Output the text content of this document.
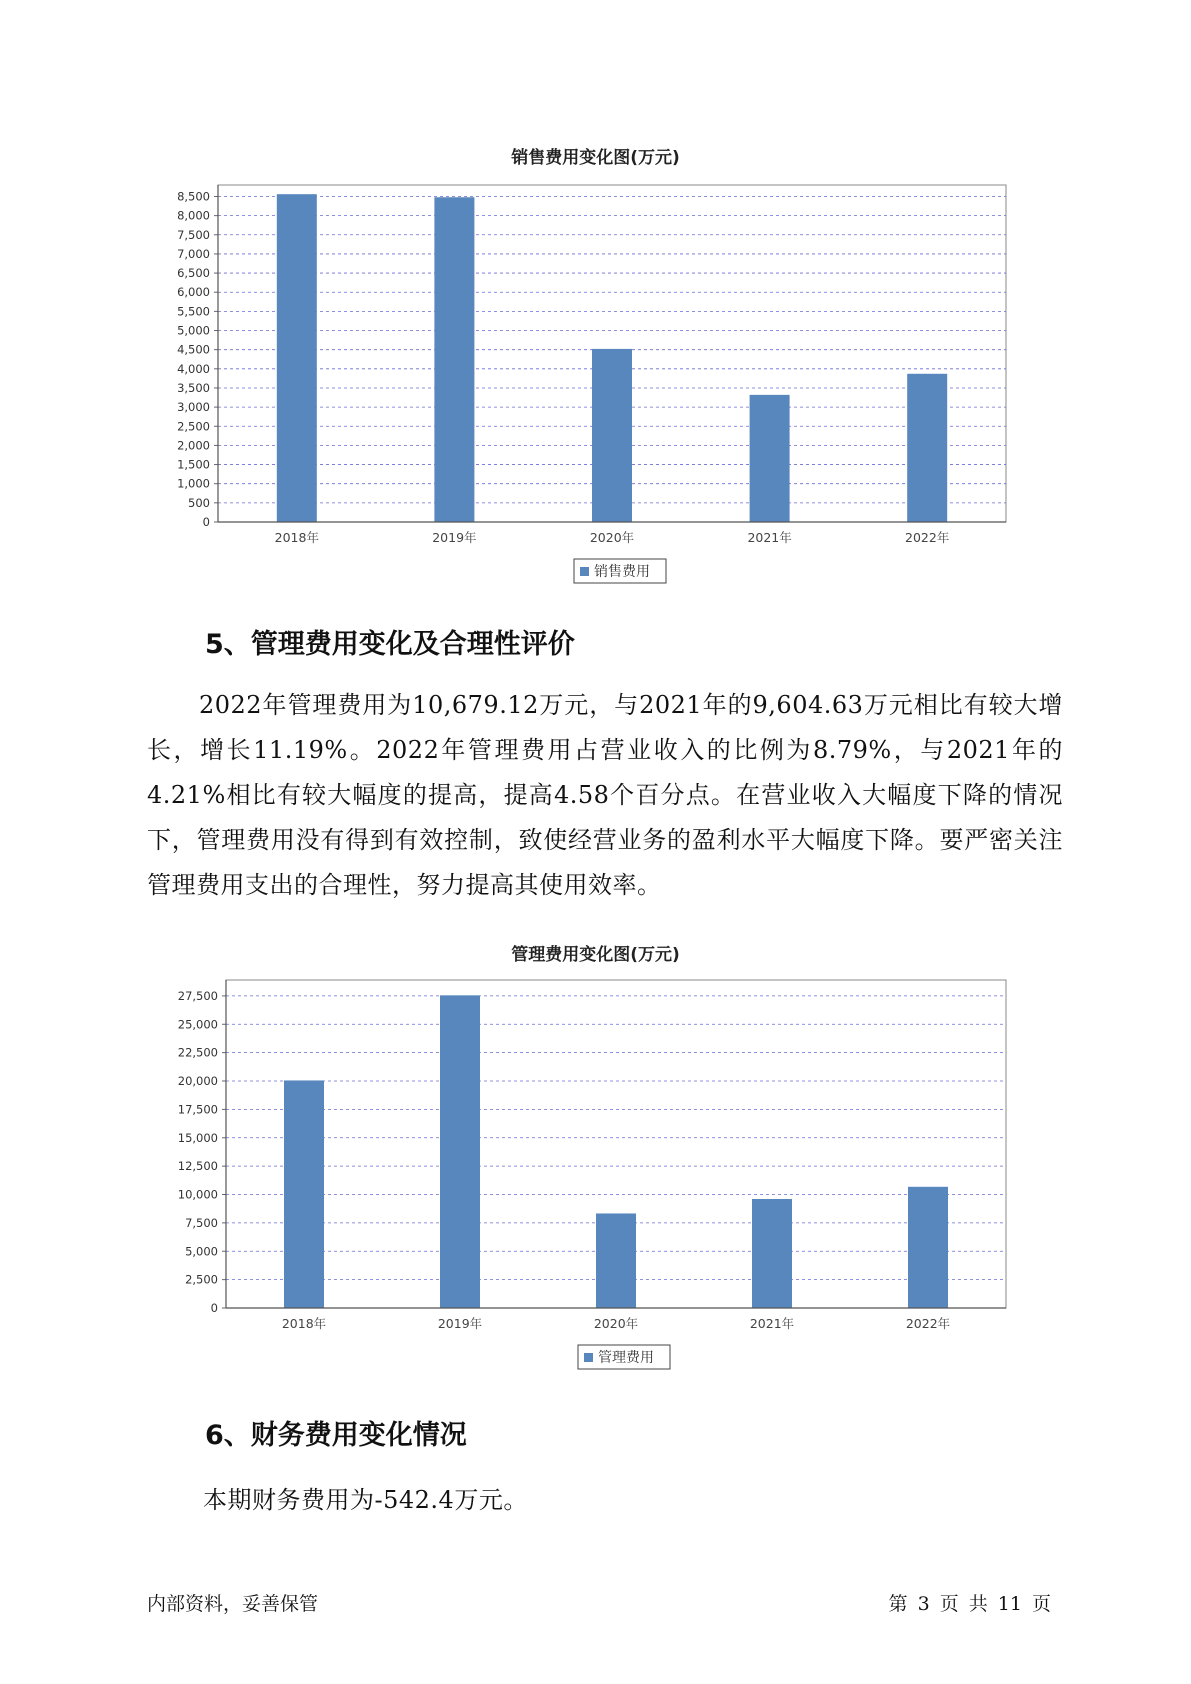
销售费用变化图(万元)
0
500
1,000
1,500
2,000
2,500
3,000
3,500
4,000
4,500
5,000
5,500
6,000
6,500
7,000
7,500
8,000
8,500
2018年	2019年	2020年	2021年	2022年
销售费用
5、管理费用变化及合理性评价
2022年管理费用为10,679.12万元，与2021年的9,604.63万元相比有较大增长，增长11.19%。2022年管理费用占营业收入的比例为8.79%，与2021年的4.21%相比有较大幅度的提高，提高4.58个百分点。在营业收入大幅度下降的情况下，管理费用没有得到有效控制，致使经营业务的盈利水平大幅度下降。要严密关注管理费用支出的合理性，努力提高其使用效率。
管理费用变化图(万元)
0
2,500
5,000
7,500
10,000
12,500
15,000
17,500
20,000
22,500
25,000
27,500
2018年	2019年	2020年	2021年	2022年
管理费用
6、财务费用变化情况
本期财务费用为-542.4万元。
内部资料，妥善保管	第 3 页 共 11 页
